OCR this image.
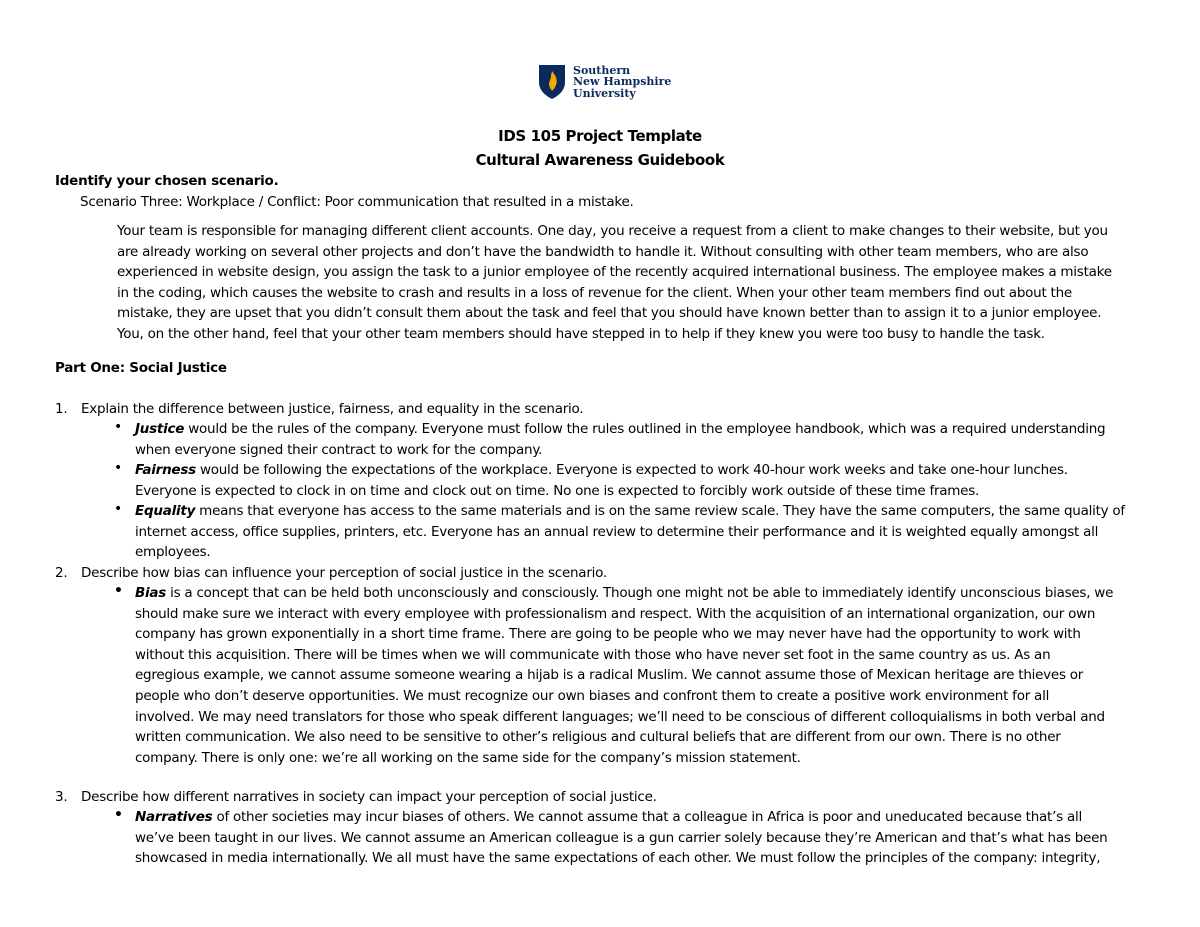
Southern
New Hampshire
University
IDS 105 Project Template
Cultural Awareness Guidebook
Identify your chosen scenario.
Scenario Three: Workplace / Conflict: Poor communication that resulted in a mistake.
Your team is responsible for managing different client accounts. One day, you receive a request from a client to make changes to their website, but you
are already working on several other projects and don’t have the bandwidth to handle it. Without consulting with other team members, who are also
experienced in website design, you assign the task to a junior employee of the recently acquired international business. The employee makes a mistake
in the coding, which causes the website to crash and results in a loss of revenue for the client. When your other team members find out about the
mistake, they are upset that you didn’t consult them about the task and feel that you should have known better than to assign it to a junior employee.
You, on the other hand, feel that your other team members should have stepped in to help if they knew you were too busy to handle the task.
Part One: Social Justice
1. Explain the difference between justice, fairness, and equality in the scenario.
• Justice would be the rules of the company. Everyone must follow the rules outlined in the employee handbook, which was a required understanding
when everyone signed their contract to work for the company.
• Fairness would be following the expectations of the workplace. Everyone is expected to work 40-hour work weeks and take one-hour lunches.
Everyone is expected to clock in on time and clock out on time. No one is expected to forcibly work outside of these time frames.
• Equality means that everyone has access to the same materials and is on the same review scale. They have the same computers, the same quality of
internet access, office supplies, printers, etc. Everyone has an annual review to determine their performance and it is weighted equally amongst all
employees.
2. Describe how bias can influence your perception of social justice in the scenario.
• Bias is a concept that can be held both unconsciously and consciously. Though one might not be able to immediately identify unconscious biases, we
should make sure we interact with every employee with professionalism and respect. With the acquisition of an international organization, our own
company has grown exponentially in a short time frame. There are going to be people who we may never have had the opportunity to work with
without this acquisition. There will be times when we will communicate with those who have never set foot in the same country as us. As an
egregious example, we cannot assume someone wearing a hijab is a radical Muslim. We cannot assume those of Mexican heritage are thieves or
people who don’t deserve opportunities. We must recognize our own biases and confront them to create a positive work environment for all
involved. We may need translators for those who speak different languages; we’ll need to be conscious of different colloquialisms in both verbal and
written communication. We also need to be sensitive to other’s religious and cultural beliefs that are different from our own. There is no other
company. There is only one: we’re all working on the same side for the company’s mission statement.
3. Describe how different narratives in society can impact your perception of social justice.
• Narratives of other societies may incur biases of others. We cannot assume that a colleague in Africa is poor and uneducated because that’s all
we’ve been taught in our lives. We cannot assume an American colleague is a gun carrier solely because they’re American and that’s what has been
showcased in media internationally. We all must have the same expectations of each other. We must follow the principles of the company: integrity,
